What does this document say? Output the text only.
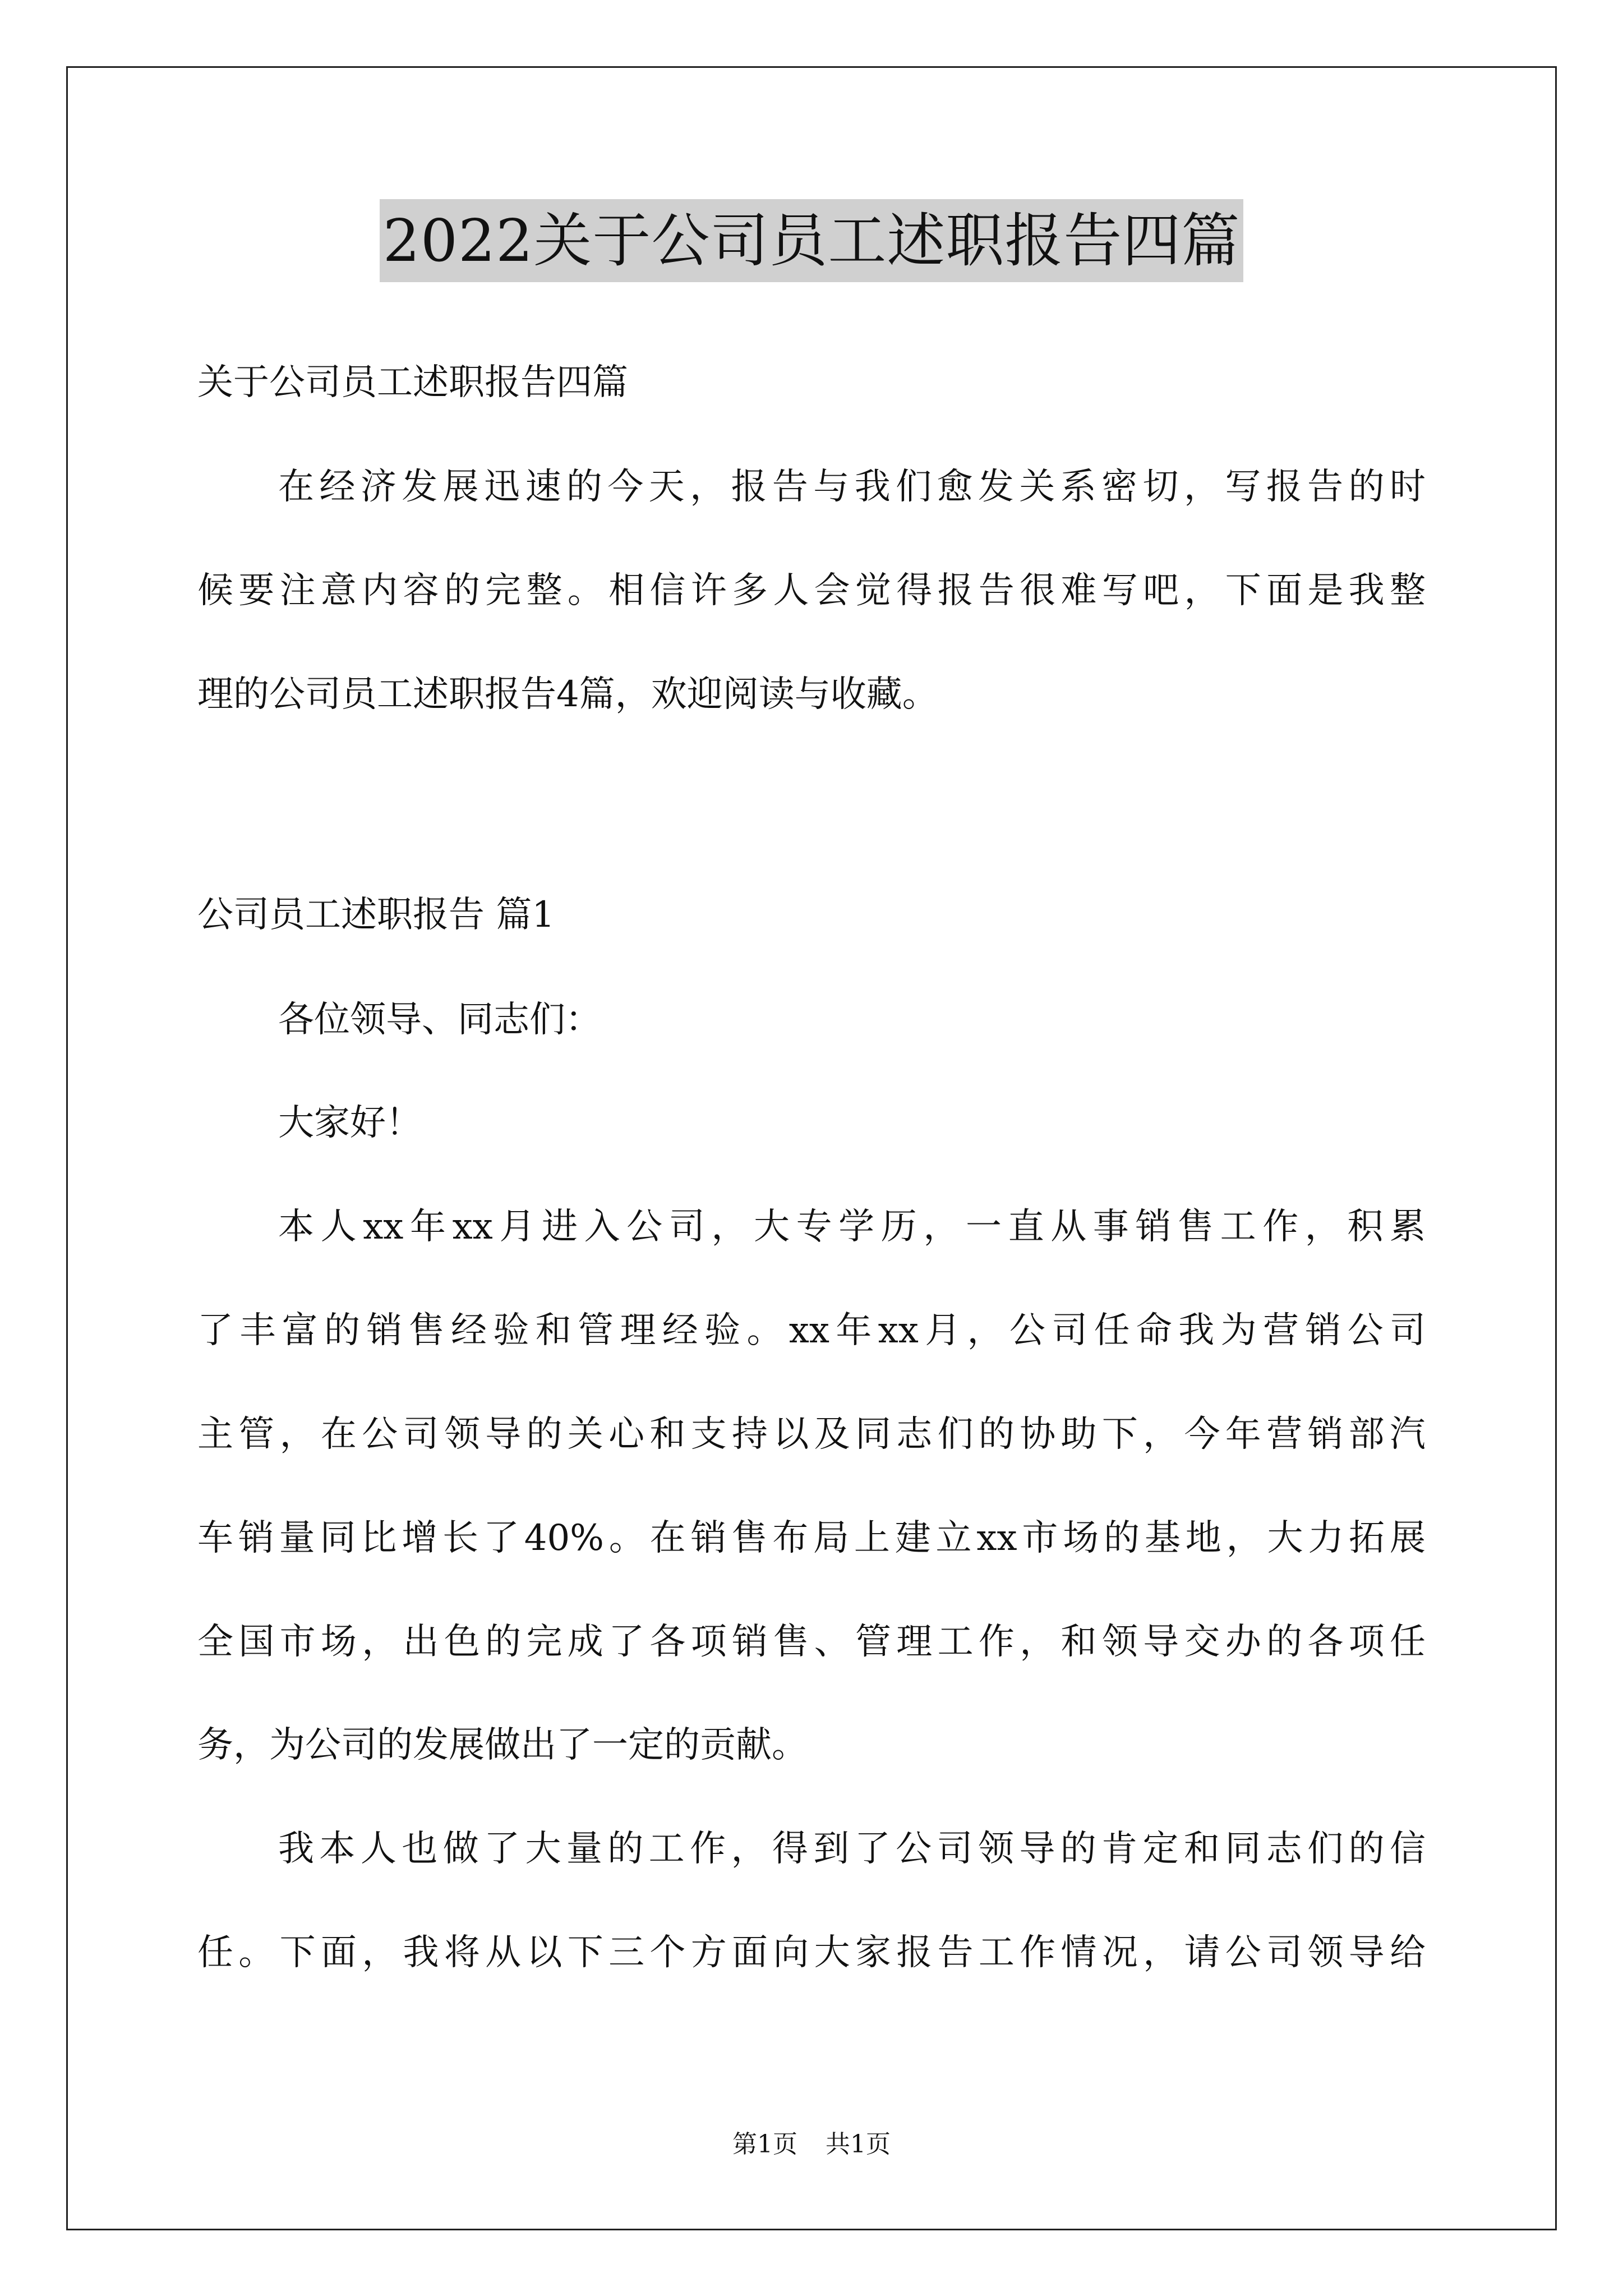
2022关于公司员工述职报告四篇
关于公司员工述职报告四篇
在经济发展迅速的今天，报告与我们愈发关系密切，写报告的时
候要注意内容的完整。相信许多人会觉得报告很难写吧，下面是我整
理的公司员工述职报告4篇，欢迎阅读与收藏。
公司员工述职报告 篇1
各位领导、同志们：
大家好！
本人xx年xx月进入公司，大专学历，一直从事销售工作，积累
了丰富的销售经验和管理经验。xx年xx月，公司任命我为营销公司
主管，在公司领导的关心和支持以及同志们的协助下，今年营销部汽
车销量同比增长了40%。在销售布局上建立xx市场的基地，大力拓展
全国市场，出色的完成了各项销售、管理工作，和领导交办的各项任
务，为公司的发展做出了一定的贡献。
我本人也做了大量的工作，得到了公司领导的肯定和同志们的信
任。下面，我将从以下三个方面向大家报告工作情况，请公司领导给
第1页 共1页
